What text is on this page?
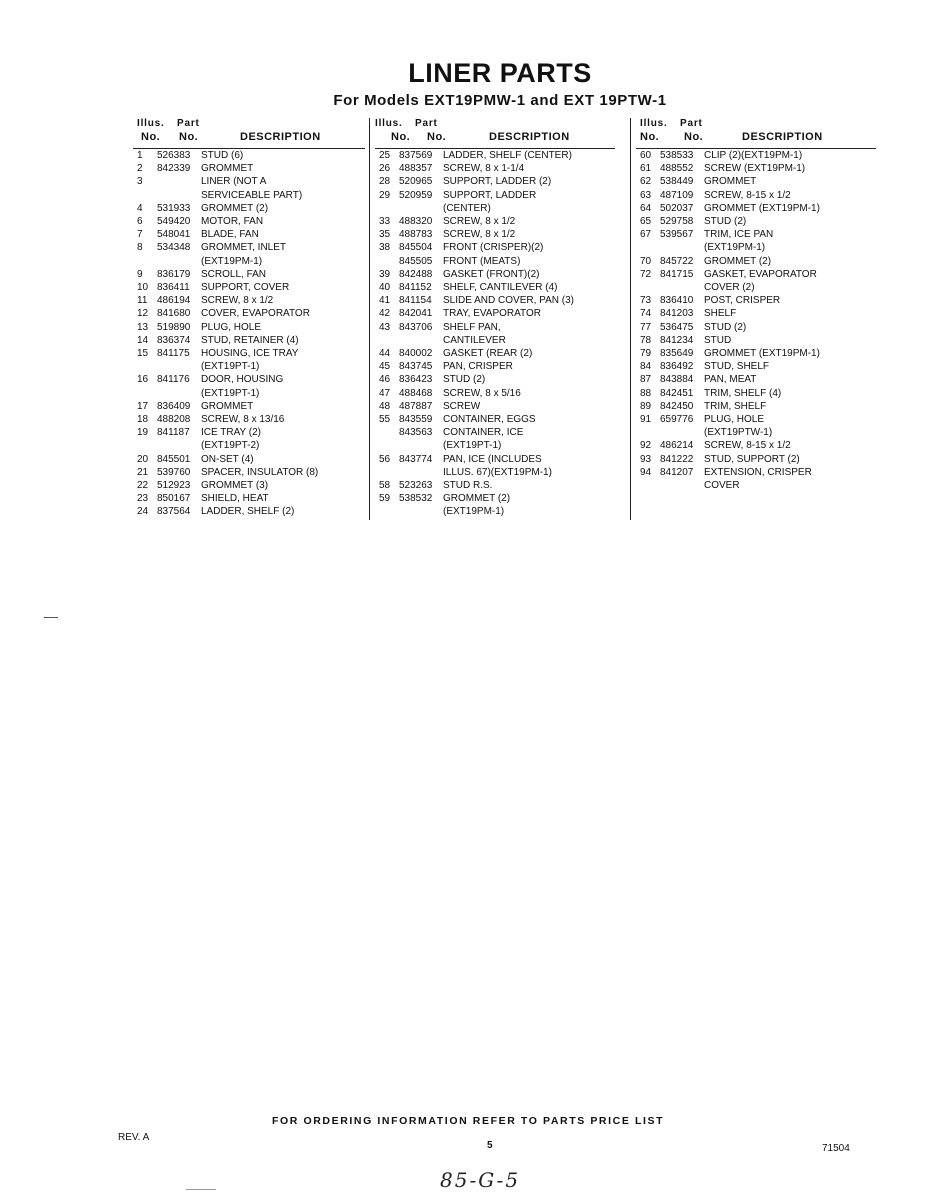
LINER PARTS
For Models EXT19PMW-1 and EXT 19PTW-1
Illus. Part
No. No.	DESCRIPTION
1	526383	STUD (6)
2	842339	GROMMET
3	LINER (NOT A
SERVICEABLE PART)
4	531933	GROMMET (2)
6	549420	MOTOR, FAN
7	548041	BLADE, FAN
8	534348	GROMMET, INLET
(EXT19PM-1)
9	836179	SCROLL, FAN
10 836411	SUPPORT, COVER
11 486194	SCREW, 8 x 1/2
12 841680	COVER, EVAPORATOR
13 519890	PLUG, HOLE
14 836374	STUD, RETAINER (4)
15 841175	HOUSING, ICE TRAY
(EXT19PT-1)
16 841176	DOOR, HOUSING
(EXT19PT-1)
17 836409	GROMMET
18 488208	SCREW, 8 x 13/16
19 841187	ICE TRAY (2)
(EXT19PT-2)
20 845501	ON-SET (4)
21 539760	SPACER, INSULATOR (8)
22 512923	GROMMET (3)
23 850167	SHIELD, HEAT
24 837564	LADDER, SHELF (2)
Illus. Part
No. No.	DESCRIPTION
25 837569	LADDER, SHELF (CENTER)
26 488357	SCREW, 8 x 1-1/4
28 520965	SUPPORT, LADDER (2)
29 520959	SUPPORT, LADDER
(CENTER)
33 488320	SCREW, 8 x 1/2
35 488783	SCREW, 8 x 1/2
38 845504	FRONT (CRISPER)(2)
845505	FRONT (MEATS)
39 842488	GASKET (FRONT)(2)
40 841152	SHELF, CANTILEVER (4)
41 841154	SLIDE AND COVER, PAN (3)
42 842041	TRAY, EVAPORATOR
43 843706	SHELF PAN,
CANTILEVER
44 840002	GASKET (REAR (2)
45 843745	PAN, CRISPER
46 836423	STUD (2)
47 488468	SCREW, 8 x 5/16
48 487887	SCREW
55 843559	CONTAINER, EGGS
843563	CONTAINER, ICE
(EXT19PT-1)
56 843774	PAN, ICE (INCLUDES
ILLUS. 67)(EXT19PM-1)
58 523263	STUD R.S.
59 538532	GROMMET (2)
(EXT19PM-1)
Illus. Part
No. No.	DESCRIPTION
60 538533	CLIP (2)(EXT19PM-1)
61 488552	SCREW (EXT19PM-1)
62 538449	GROMMET
63 487109	SCREW, 8-15 x 1/2
64 502037	GROMMET (EXT19PM-1)
65 529758	STUD (2)
67 539567	TRIM, ICE PAN
(EXT19PM-1)
70 845722	GROMMET (2)
72 841715	GASKET, EVAPORATOR
COVER (2)
73 836410	POST, CRISPER
74 841203	SHELF
77 536475	STUD (2)
78 841234	STUD
79 835649	GROMMET (EXT19PM-1)
84 836492	STUD, SHELF
87 843884	PAN, MEAT
88 842451	TRIM, SHELF (4)
89 842450	TRIM, SHELF
91 659776	PLUG, HOLE
(EXT19PTW-1)
92 486214	SCREW, 8-15 x 1/2
93 841222	STUD, SUPPORT (2)
94 841207	EXTENSION, CRISPER
COVER
FOR ORDERING INFORMATION REFER TO PARTS PRICE LIST
REV. A
5	71504
85-G-5
